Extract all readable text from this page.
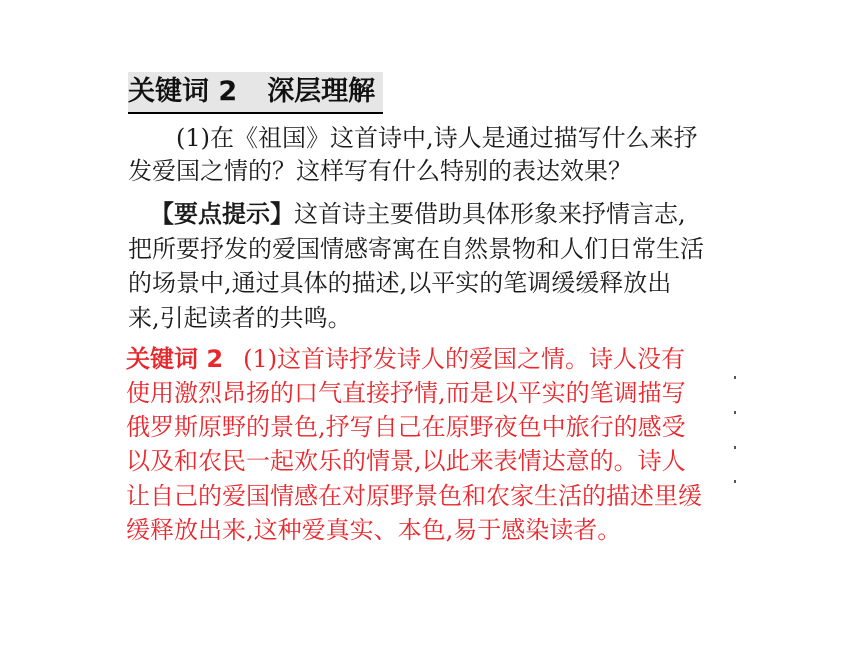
关键词 2 深层理解
(1)在《祖国》这首诗中,诗人是通过描写什么来抒
发爱国之情的？这样写有什么特别的表达效果？
【要点提示】这首诗主要借助具体形象来抒情言志,
把所要抒发的爱国情感寄寓在自然景物和人们日常生活
的场景中,通过具体的描述,以平实的笔调缓缓释放出
来,引起读者的共鸣。
关键词 2 (1)这首诗抒发诗人的爱国之情。诗人没有
使用激烈昂扬的口气直接抒情,而是以平实的笔调描写
俄罗斯原野的景色,抒写自己在原野夜色中旅行的感受
以及和农民一起欢乐的情景,以此来表情达意的。诗人
让自己的爱国情感在对原野景色和农家生活的描述里缓
缓释放出来,这种爱真实、本色,易于感染读者。
